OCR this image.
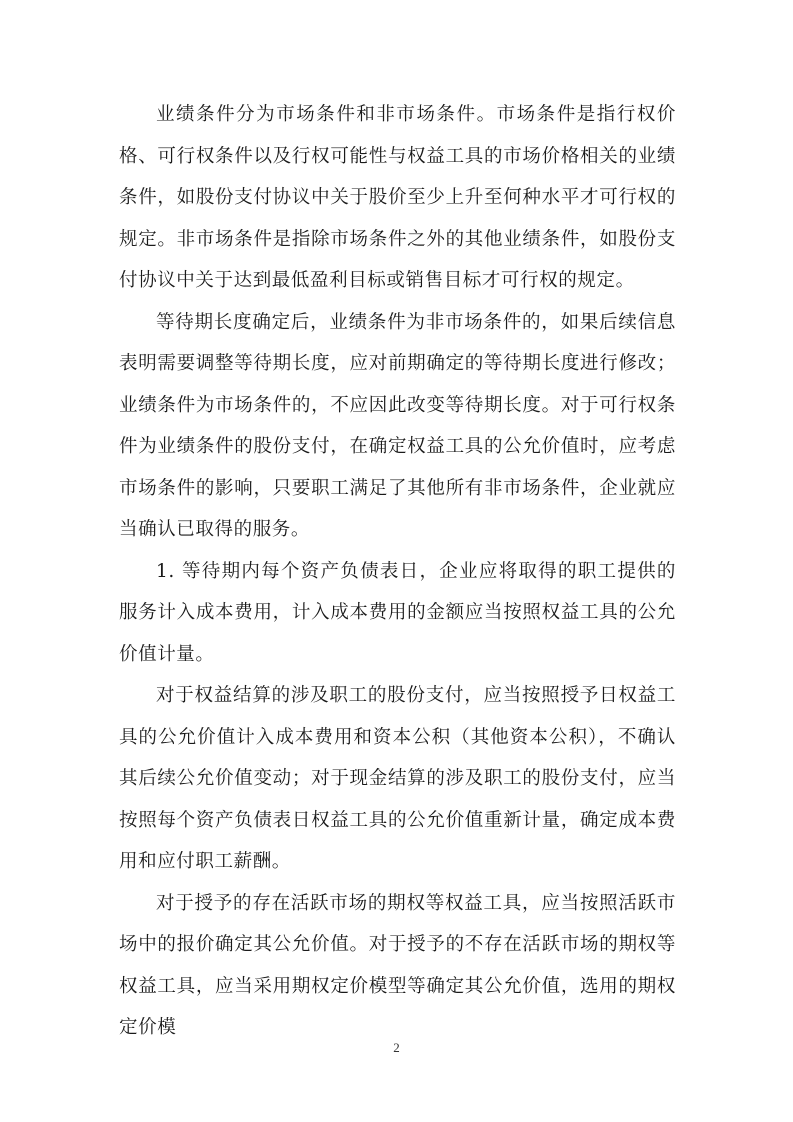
业绩条件分为市场条件和非市场条件。市场条件是指行权价格、可行权条件以及行权可能性与权益工具的市场价格相关的业绩条件，如股份支付协议中关于股价至少上升至何种水平才可行权的规定。非市场条件是指除市场条件之外的其他业绩条件，如股份支付协议中关于达到最低盈利目标或销售目标才可行权的规定。

等待期长度确定后，业绩条件为非市场条件的，如果后续信息表明需要调整等待期长度，应对前期确定的等待期长度进行修改；业绩条件为市场条件的，不应因此改变等待期长度。对于可行权条件为业绩条件的股份支付，在确定权益工具的公允价值时，应考虑市场条件的影响，只要职工满足了其他所有非市场条件，企业就应当确认已取得的服务。

1. 等待期内每个资产负债表日，企业应将取得的职工提供的服务计入成本费用，计入成本费用的金额应当按照权益工具的公允价值计量。

对于权益结算的涉及职工的股份支付，应当按照授予日权益工具的公允价值计入成本费用和资本公积（其他资本公积），不确认其后续公允价值变动；对于现金结算的涉及职工的股份支付，应当按照每个资产负债表日权益工具的公允价值重新计量，确定成本费用和应付职工薪酬。

对于授予的存在活跃市场的期权等权益工具，应当按照活跃市场中的报价确定其公允价值。对于授予的不存在活跃市场的期权等权益工具，应当采用期权定价模型等确定其公允价值，选用的期权定价模

2
